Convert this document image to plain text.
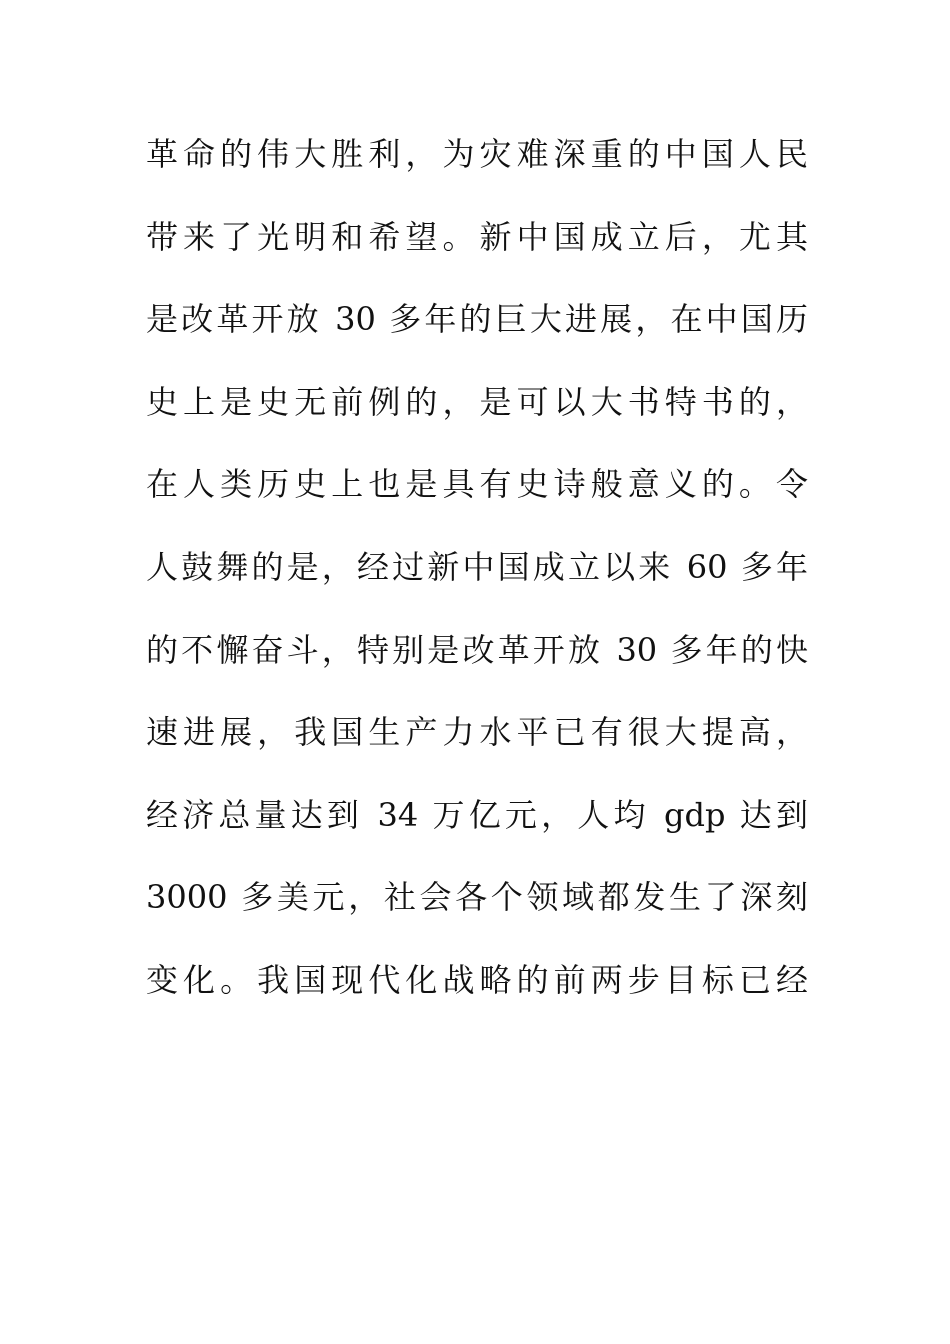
革命的伟大胜利，为灾难深重的中国人民
带来了光明和希望。新中国成立后，尤其
是改革开放 30 多年的巨大进展，在中国历
史上是史无前例的，是可以大书特书的，
在人类历史上也是具有史诗般意义的。令
人鼓舞的是，经过新中国成立以来 60 多年
的不懈奋斗，特别是改革开放 30 多年的快
速进展，我国生产力水平已有很大提高，
经济总量达到 34 万亿元，人均 gdp 达到
3000 多美元，社会各个领域都发生了深刻
变化。我国现代化战略的前两步目标已经
